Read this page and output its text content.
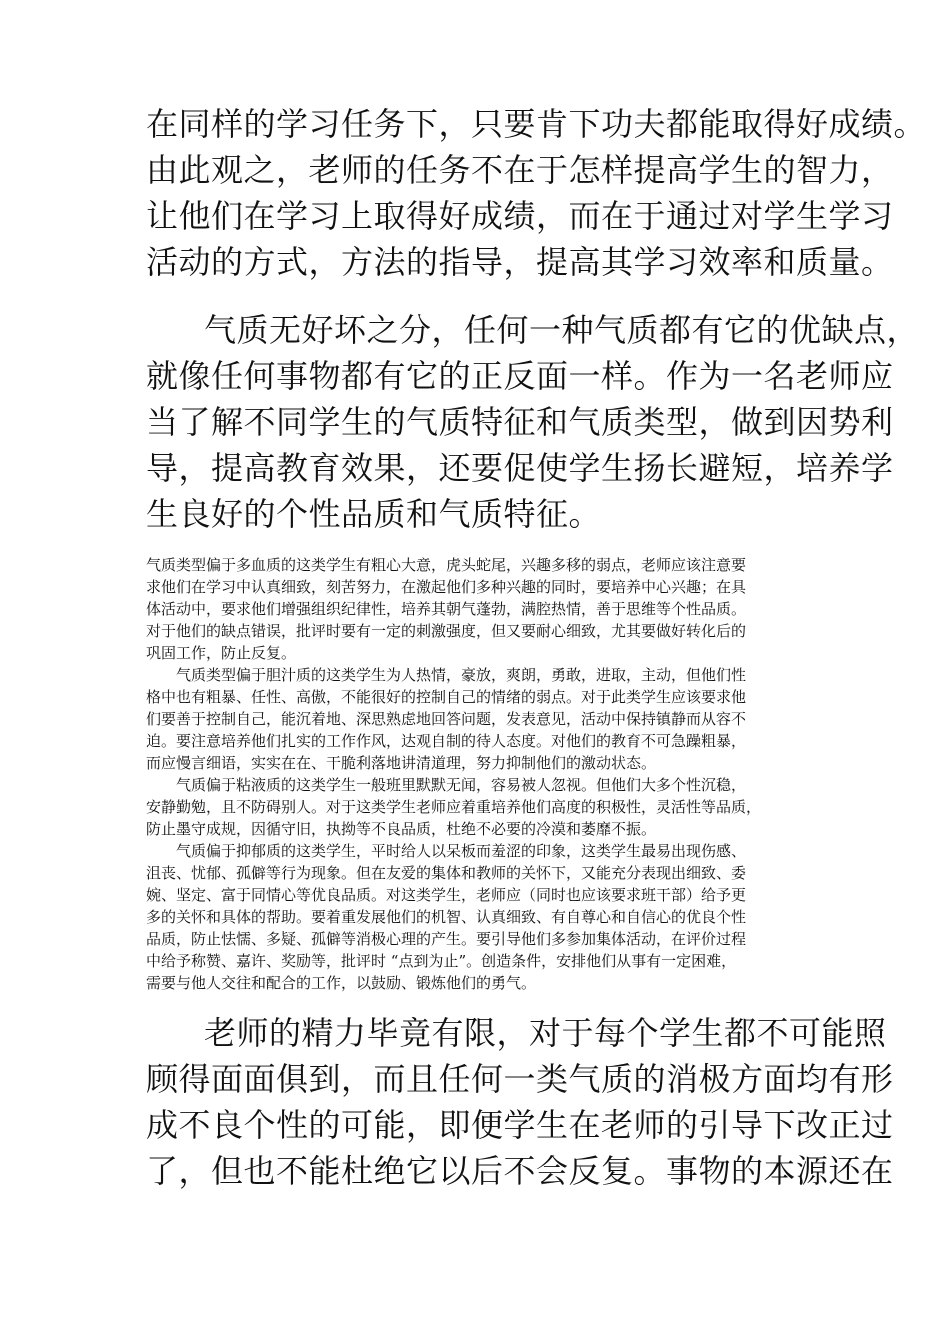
在同样的学习任务下，只要肯下功夫都能取得好成绩。
由此观之，老师的任务不在于怎样提高学生的智力，
让他们在学习上取得好成绩，而在于通过对学生学习
活动的方式，方法的指导，提高其学习效率和质量。
气质无好坏之分，任何一种气质都有它的优缺点，
就像任何事物都有它的正反面一样。作为一名老师应
当了解不同学生的气质特征和气质类型，做到因势利
导，提高教育效果，还要促使学生扬长避短，培养学
生良好的个性品质和气质特征。
气质类型偏于多血质的这类学生有粗心大意，虎头蛇尾，兴趣多移的弱点，老师应该注意要
求他们在学习中认真细致，刻苦努力，在激起他们多种兴趣的同时，要培养中心兴趣；在具
体活动中，要求他们增强组织纪律性，培养其朝气蓬勃，满腔热情，善于思维等个性品质。
对于他们的缺点错误，批评时要有一定的刺激强度，但又要耐心细致，尤其要做好转化后的
巩固工作，防止反复。
气质类型偏于胆汁质的这类学生为人热情，豪放，爽朗，勇敢，进取，主动，但他们性
格中也有粗暴、任性、高傲，不能很好的控制自己的情绪的弱点。对于此类学生应该要求他
们要善于控制自己，能沉着地、深思熟虑地回答问题，发表意见，活动中保持镇静而从容不
迫。要注意培养他们扎实的工作作风，达观自制的待人态度。对他们的教育不可急躁粗暴，
而应慢言细语，实实在在、干脆利落地讲清道理，努力抑制他们的激动状态。
气质偏于粘液质的这类学生一般班里默默无闻，容易被人忽视。但他们大多个性沉稳，
安静勤勉，且不防碍别人。对于这类学生老师应着重培养他们高度的积极性，灵活性等品质，
防止墨守成规，因循守旧，执拗等不良品质，杜绝不必要的冷漠和萎靡不振。
气质偏于抑郁质的这类学生，平时给人以呆板而羞涩的印象，这类学生最易出现伤感、
沮丧、忧郁、孤僻等行为现象。但在友爱的集体和教师的关怀下，又能充分表现出细致、委
婉、坚定、富于同情心等优良品质。对这类学生，老师应（同时也应该要求班干部）给予更
多的关怀和具体的帮助。要着重发展他们的机智、认真细致、有自尊心和自信心的优良个性
品质，防止怯懦、多疑、孤僻等消极心理的产生。要引导他们多参加集体活动，在评价过程
中给予称赞、嘉许、奖励等，批评时 “点到为止”。创造条件，安排他们从事有一定困难，
需要与他人交往和配合的工作，以鼓励、锻炼他们的勇气。
老师的精力毕竟有限，对于每个学生都不可能照
顾得面面俱到，而且任何一类气质的消极方面均有形
成不良个性的可能，即便学生在老师的引导下改正过
了，但也不能杜绝它以后不会反复。事物的本源还在
